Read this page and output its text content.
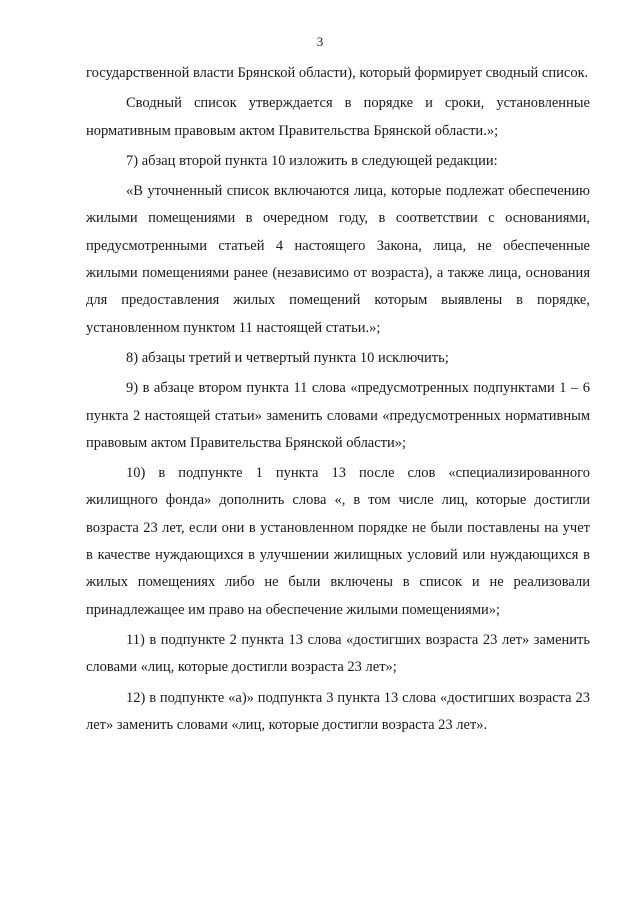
3

государственной власти Брянской области), который формирует сводный список.

Сводный список утверждается в порядке и сроки, установленные нормативным правовым актом Правительства Брянской области.»;

7) абзац второй пункта 10 изложить в следующей редакции:

«В уточненный список включаются лица, которые подлежат обеспечению жилыми помещениями в очередном году, в соответствии с основаниями, предусмотренными статьей 4 настоящего Закона, лица, не обеспеченные жилыми помещениями ранее (независимо от возраста), а также лица, основания для предоставления жилых помещений которым выявлены в порядке, установленном пунктом 11 настоящей статьи.»;

8) абзацы третий и четвертый пункта 10 исключить;

9) в абзаце втором пункта 11 слова «предусмотренных подпунктами 1 – 6 пункта 2 настоящей статьи» заменить словами «предусмотренных нормативным правовым актом Правительства Брянской области»;

10) в подпункте 1 пункта 13 после слов «специализированного жилищного фонда» дополнить слова «, в том числе лиц, которые достигли возраста 23 лет, если они в установленном порядке не были поставлены на учет в качестве нуждающихся в улучшении жилищных условий или нуждающихся в жилых помещениях либо не были включены в список и не реализовали принадлежащее им право на обеспечение жилыми помещениями»;

11) в подпункте 2 пункта 13 слова «достигших возраста 23 лет» заменить словами «лиц, которые достигли возраста 23 лет»;

12) в подпункте «а)» подпункта 3 пункта 13 слова «достигших возраста 23 лет» заменить словами «лиц, которые достигли возраста 23 лет».
